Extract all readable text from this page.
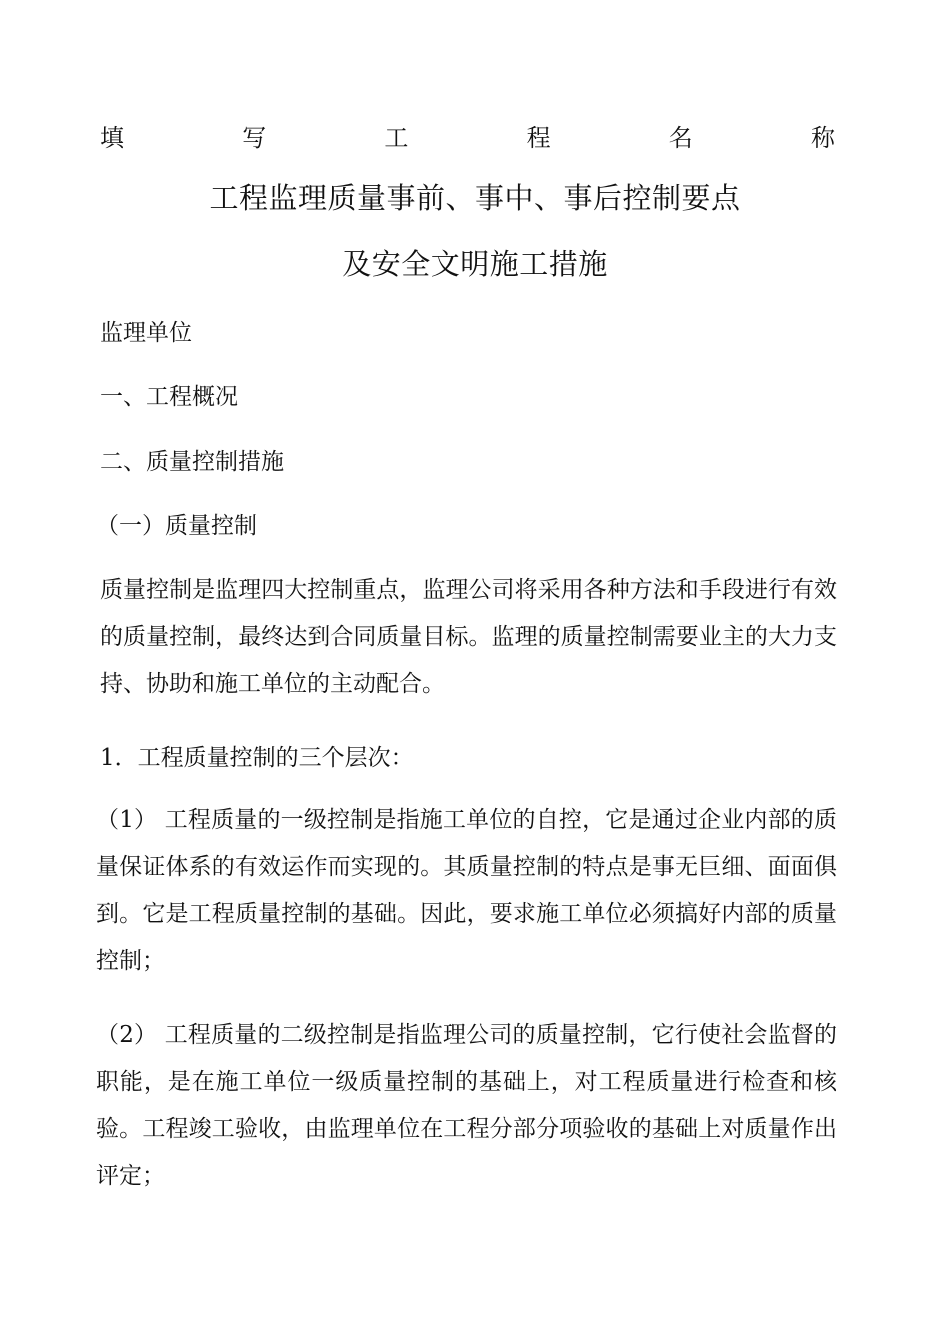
填	写	工	程	名	称
工程监理质量事前、事中、事后控制要点
及安全文明施工措施
监理单位
一、工程概况
二、质量控制措施
（一）质量控制
质量控制是监理四大控制重点，监理公司将采用各种方法和手段进行有效的质量控制，最终达到合同质量目标。监理的质量控制需要业主的大力支持、协助和施工单位的主动配合。
1．工程质量控制的三个层次：
（1） 工程质量的一级控制是指施工单位的自控，它是通过企业内部的质量保证体系的有效运作而实现的。其质量控制的特点是事无巨细、面面俱到。它是工程质量控制的基础。因此，要求施工单位必须搞好内部的质量控制；
（2） 工程质量的二级控制是指监理公司的质量控制，它行使社会监督的职能，是在施工单位一级质量控制的基础上，对工程质量进行检查和核验。工程竣工验收，由监理单位在工程分部分项验收的基础上对质量作出评定；
